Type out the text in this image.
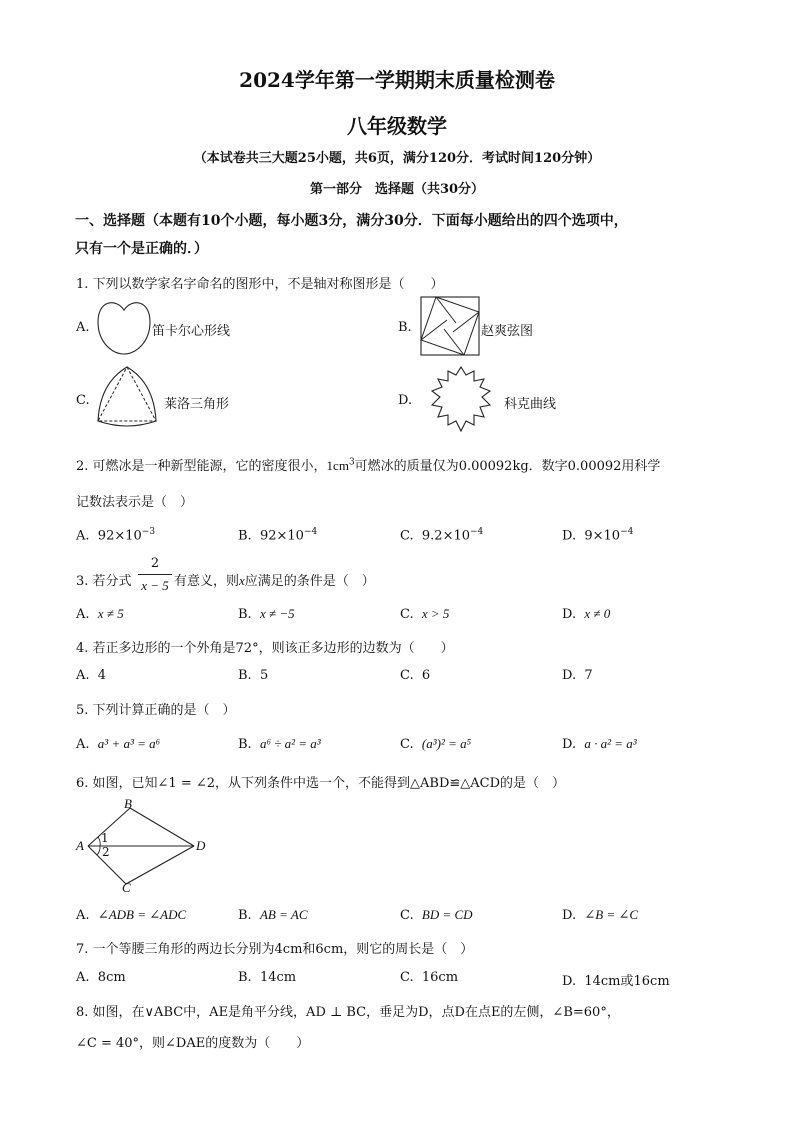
2024学年第一学期期末质量检测卷
八年级数学
（本试卷共三大题25小题，共6页，满分120分．考试时间120分钟）
第一部分　选择题（共30分）
一、选择题（本题有10个小题，每小题3分，满分30分．下面每小题给出的四个选项中，
只有一个是正确的．）
1. 下列以数学家名字命名的图形中，不是轴对称图形是（　　）
A.	笛卡尔心形线	B.	赵爽弦图
C.	莱洛三角形	D.	科克曲线
2. 可燃冰是一种新型能源，它的密度很小，$1cm^3$可燃冰的质量仅为0.00092kg．数字0.00092用科学
记数法表示是（　）
A. $92\times 10^{-3}$	B. $92\times 10^{-4}$	C. $9.2\times 10^{-4}$	D. $9\times 10^{-4}$
3. 若分式
2
x − 5 有意义，则x应满足的条件是（　）
A. x ≠ 5	B. x ≠ −5	C. x > 5	D. x ≠ 0
4. 若正多边形的一个外角是72°，则该正多边形的边数为（　　）
A. 4	B. 5	C. 6	D. 7
5. 下列计算正确的是（　）
A. a³ + a³ = a⁶	B. a⁶ ÷ a² = a³	C. (a³)² = a⁵	D. a · a² = a³
6. 如图，已知∠1 = ∠2，从下列条件中选一个，不能得到△ABD≌△ACD的是（　）
B
A	D
C
1
2
A. ∠ADB = ∠ADC	B. AB = AC	C. BD = CD	D. ∠B = ∠C
7. 一个等腰三角形的两边长分别为4cm和6cm，则它的周长是（　）
A. 8cm	B. 14cm	C. 16cm	D. 14cm或16cm
8. 如图，在∨ABC中，AE是角平分线，AD ⊥ BC，垂足为D，点D在点E的左侧，∠B=60°，
∠C = 40°，则∠DAE的度数为（　　）
